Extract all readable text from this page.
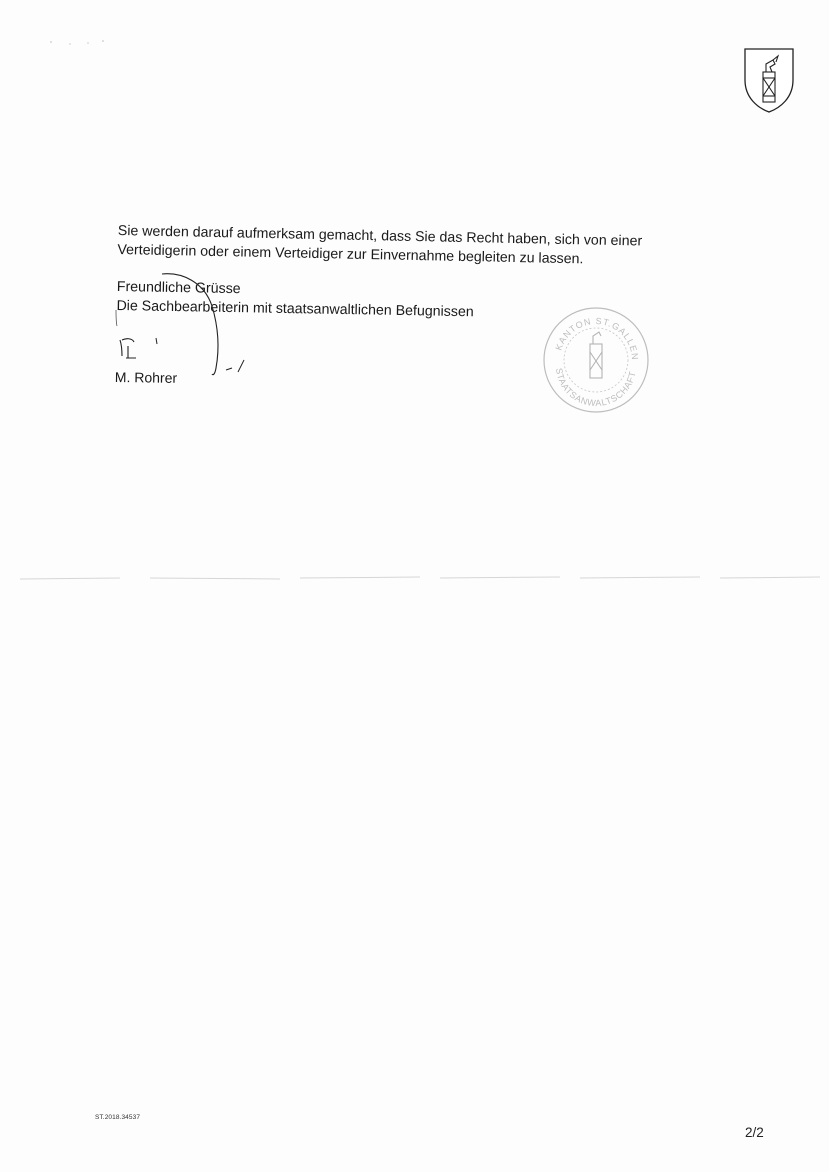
Sie werden darauf aufmerksam gemacht, dass Sie das Recht haben, sich von einer Verteidigerin oder einem Verteidiger zur Einvernahme begleiten zu lassen.

Freundliche Grüsse

Die Sachbearbeiterin mit staatsanwaltlichen Befugnissen

M. Rohrer
KANTON ST.GALLEN
STAATSANWALTSCHAFT
ST.2018.34537
2/2
